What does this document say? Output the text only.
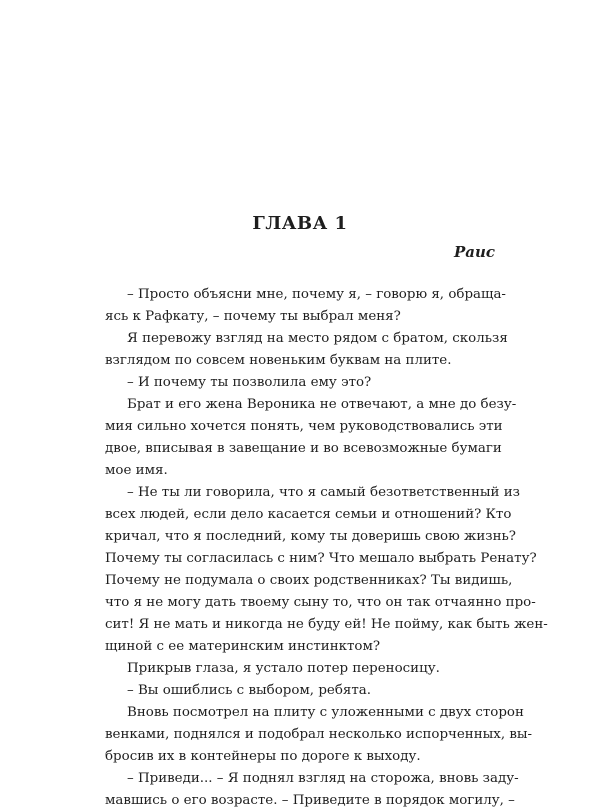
ГЛАВА 1
Раис
– Просто объясни мне, почему я, – говорю я, обраща-
ясь к Рафкату, – почему ты выбрал меня?
Я перевожу взгляд на место рядом с братом, скользя
взглядом по совсем новеньким буквам на плите.
– И почему ты позволила ему это?
Брат и его жена Вероника не отвечают, а мне до безу-
мия сильно хочется понять, чем руководствовались эти
двое, вписывая в завещание и во всевозможные бумаги
мое имя.
– Не ты ли говорила, что я самый безответственный из
всех людей, если дело касается семьи и отношений? Кто
кричал, что я последний, кому ты доверишь свою жизнь?
Почему ты согласилась с ним? Что мешало выбрать Ренату?
Почему не подумала о своих родственниках? Ты видишь,
что я не могу дать твоему сыну то, что он так отчаянно про-
сит! Я не мать и никогда не буду ей! Не пойму, как быть жен-
щиной с ее материнским инстинктом?
Прикрыв глаза, я устало потер переносицу.
– Вы ошиблись с выбором, ребята.
Вновь посмотрел на плиту с уложенными с двух сторон
венками, поднялся и подобрал несколько испорченных, вы-
бросив их в контейнеры по дороге к выходу.
– Приведи... – Я поднял взгляд на сторожа, вновь заду-
мавшись о его возрасте. – Приведите в порядок могилу, –
